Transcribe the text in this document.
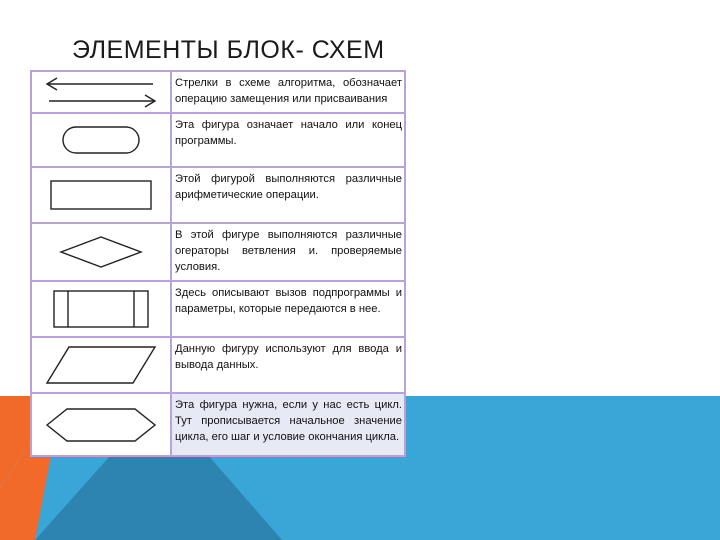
ЭЛЕМЕНТЫ БЛОК- СХЕМ
Стрелки в схеме алгоритма, обозначает операцию замещения или присваивания
Эта фигура означает начало или конец программы.
Этой фигурой выполняются различные арифметические операции.
В этой фигуре выполняются различные огераторы ветвления и. проверяемые условия.
Здесь описывают вызов подпрограммы и параметры, которые передаются в нее.
Данную фигуру используют для ввода и вывода данных.
Эта фигура нужна, если у нас есть цикл. Тут прописывается начальное значение цикла, его шаг и условие окончания цикла.
